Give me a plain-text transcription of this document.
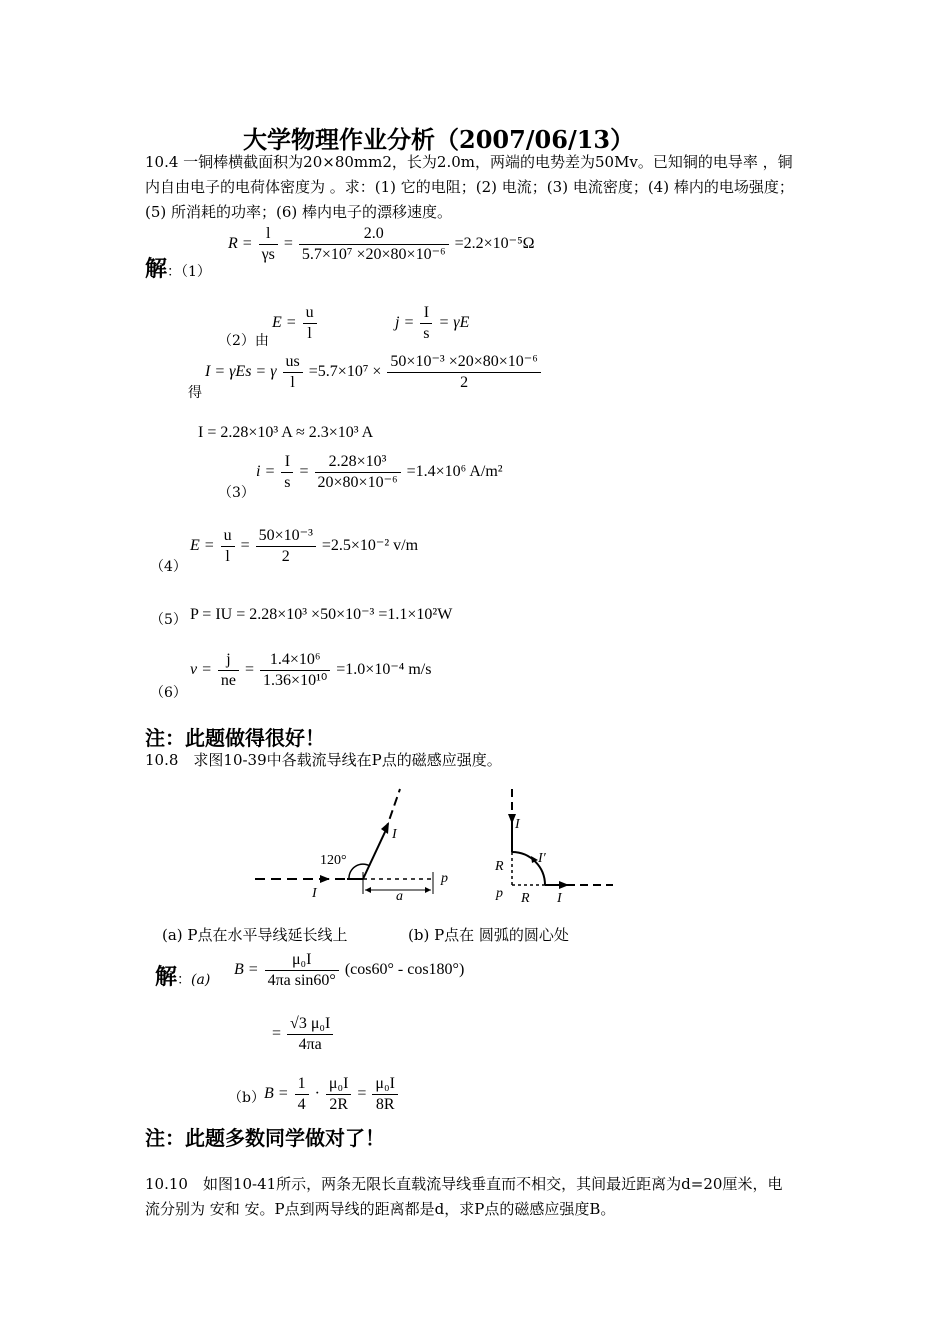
大学物理作业分析（2007/06/13）
10.4 一铜棒横截面积为20×80mm2，长为2.0m，两端的电势差为50Mv。已知铜的电导率 ，铜内自由电子的电荷体密度为 。求：(1) 它的电阻；(2) 电流；(3) 电流密度；(4) 棒内的电场强度；(5) 所消耗的功率；(6) 棒内电子的漂移速度。
解：（1）
$R = \frac{l}{\gamma s} = \frac{2.0}{\text{5.7×10⁷ ×20×80×10⁻⁶}} =2.2\times 10^{-5}\Omega$
（2）由
$E = \frac{u}{l}$	$j = \frac{I}{s} = \gamma E$
得
I = γEs = γ $\frac{us}{l} =5.7\times 10^7 \times \frac{\text{50×10⁻³ ×20×80×10⁻⁶}}{2}$
I = 2.28×10³ A ≈ 2.3×10³ A
（3）
$i = \frac{I}{s} = \frac{\text{2.28×10³}}{\text{20×80×10⁻⁶}} =1.4\times 10^6$ A/m²
（4）
$E = \frac{u}{l} = \frac{\text{50×10⁻³}}{2} =2.5\times 10^{-2}$ v/m
（5） P = IU = 2.28×10³ ×50×10⁻³ =1.1×10²W
（6）
$v = \frac{j}{ne} = \frac{\text{1.4×10⁶}}{\text{1.36×10¹⁰}} =1.0\times 10^{-4}$ m/s
注：此题做得很好！
10.8　求图10-39中各载流导线在P点的磁感应强度。
120°
I
I	a
p
I
I′
R
R I
p
(a) P点在水平导线延长线上	(b) P点在 圆弧的圆心处
解：(a)
$B = \frac{\text{μ₀I}}{\text{4πa sin60°}} (\cos 60^\circ - \cos 180^\circ)$
= $\frac{\text{√3 μ₀I}}{4\pi a}$
（b） $B = \frac{1}{4} \cdot \frac{\text{μ₀I}}{2R} = \frac{\text{μ₀I}}{8R}$
注：此题多数同学做对了！
10.10　如图10-41所示，两条无限长直载流导线垂直而不相交，其间最近距离为d=20厘米，电流分别为 安和 安。P点到两导线的距离都是d，求P点的磁感应强度B。
